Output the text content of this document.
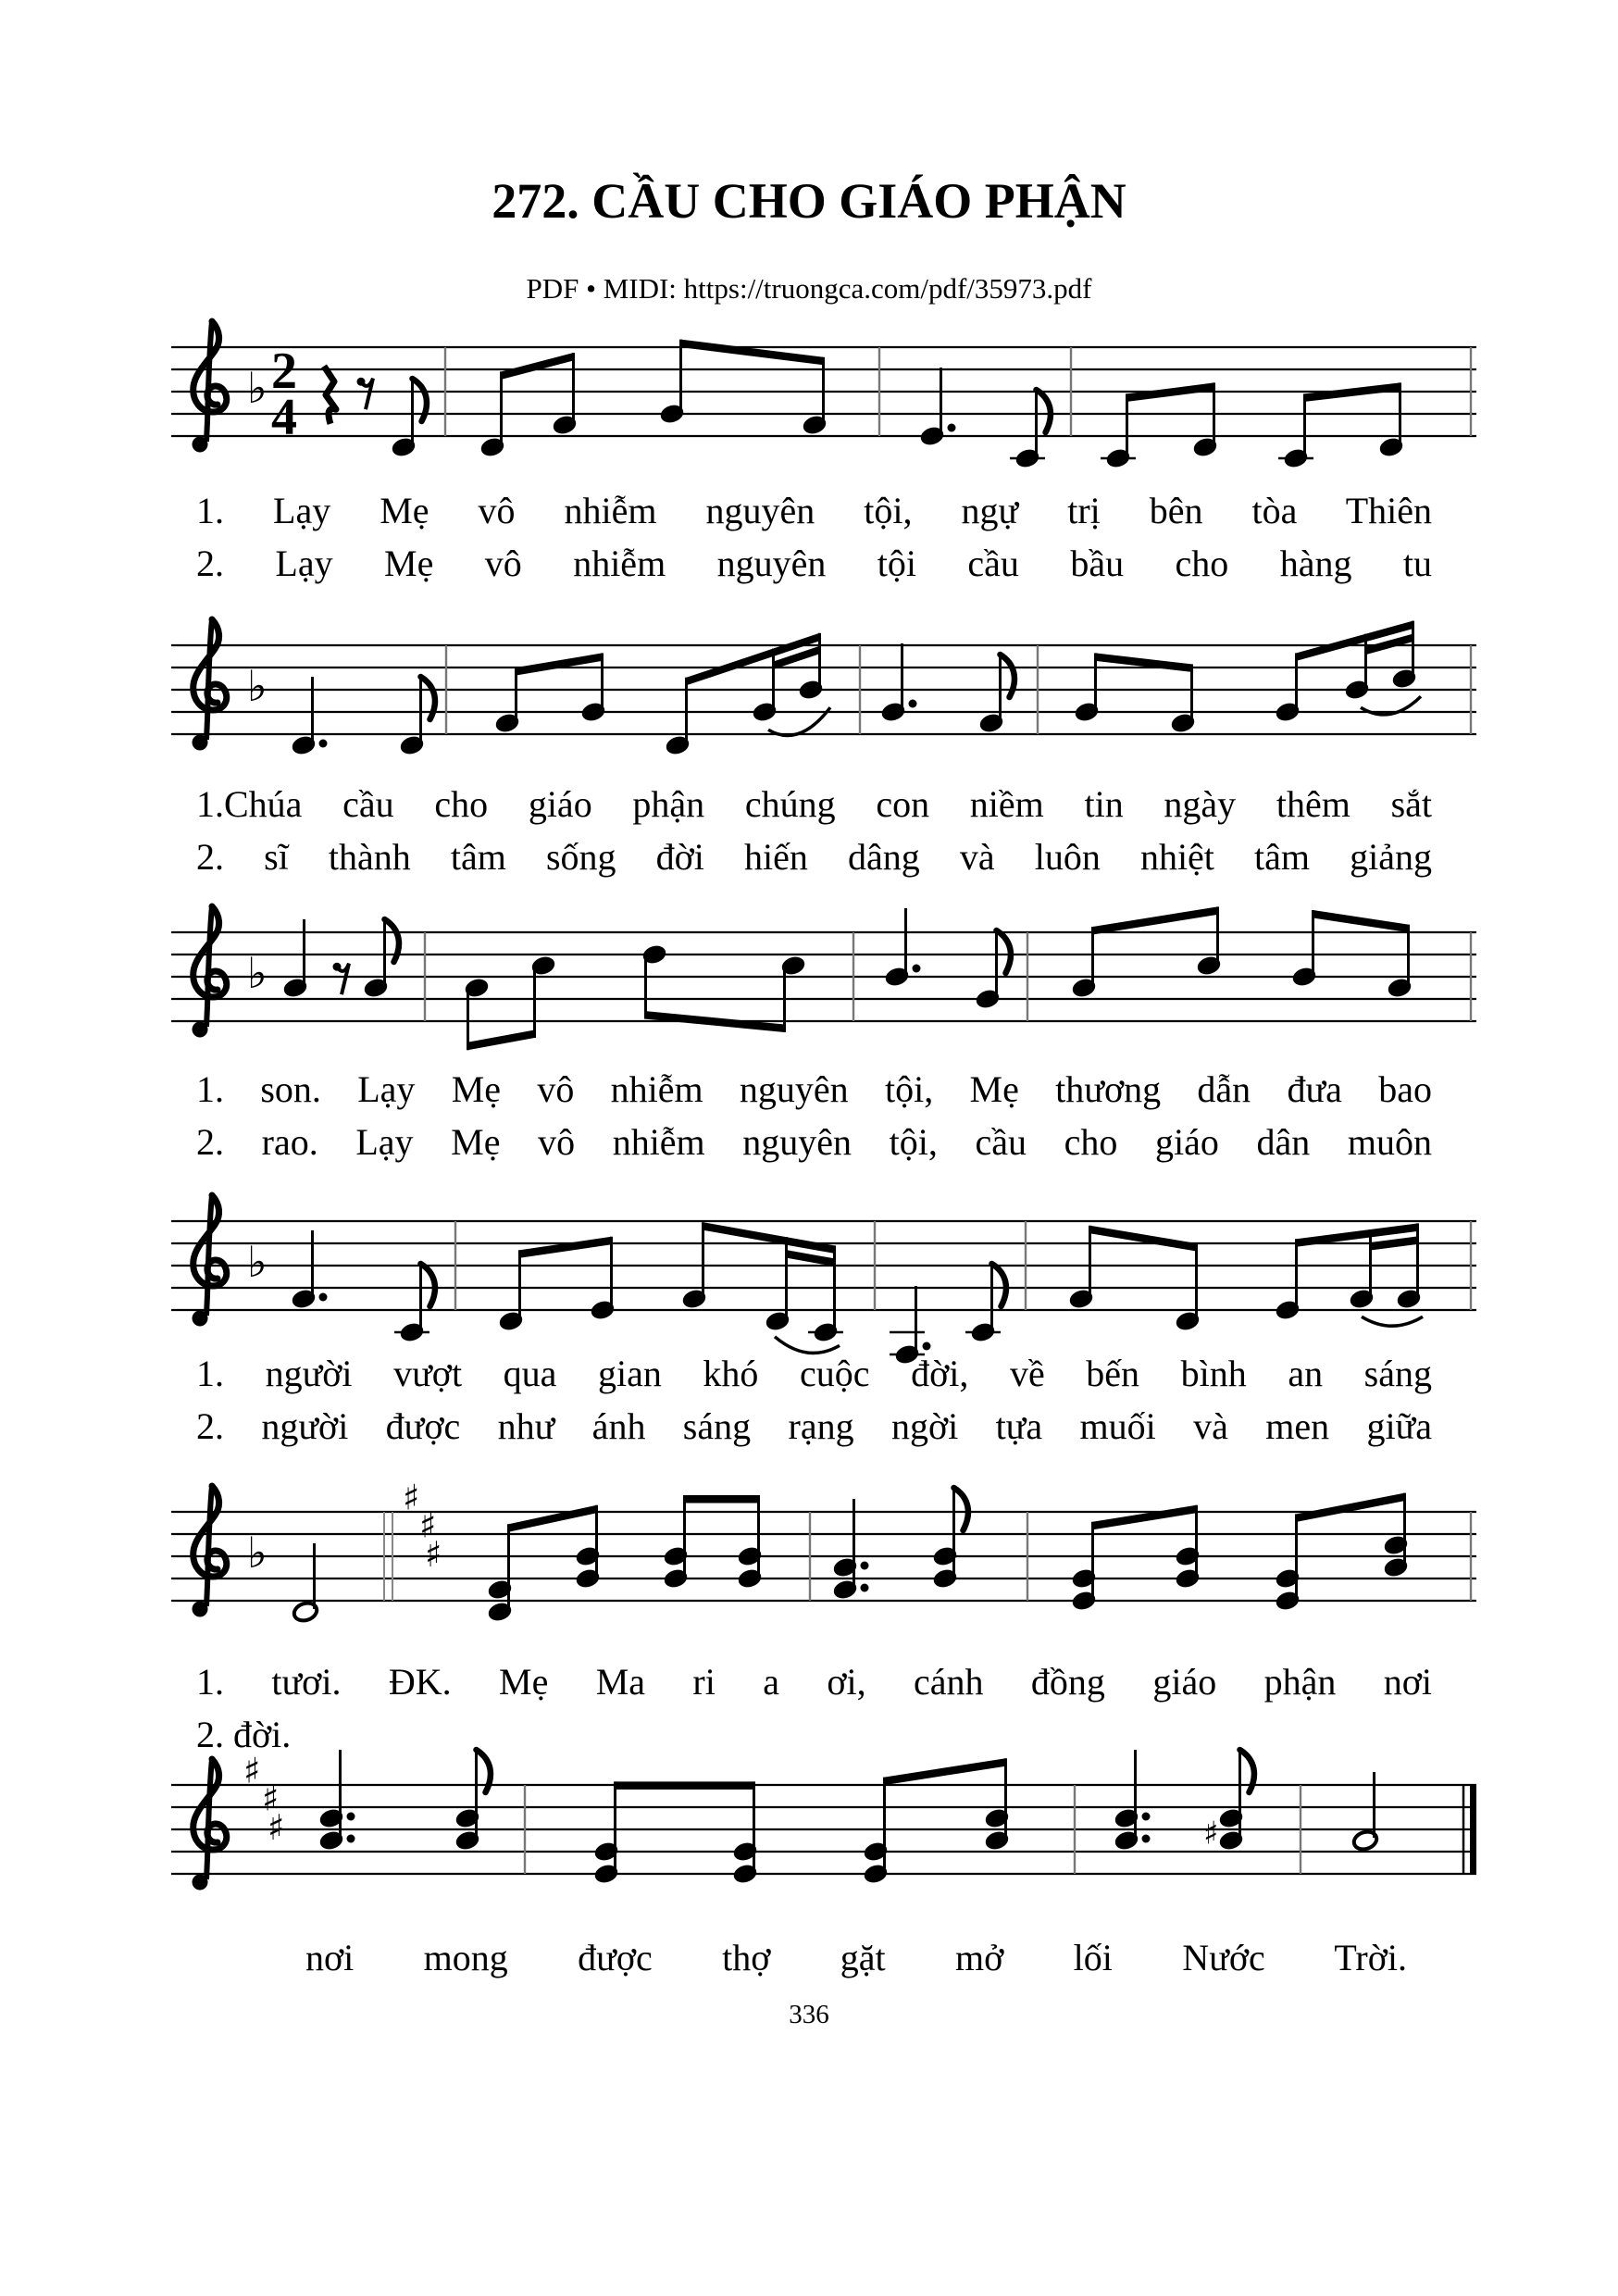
272. CẦU CHO GIÁO PHẬN
PDF • MIDI: https://truongca.com/pdf/35973.pdf
♭ 2
4
1. Lạy Mẹ vô nhiễm nguyên tội, ngự trị bên tòa Thiên
2. Lạy Mẹ vô nhiễm nguyên tội cầu bầu cho hàng tu
♭
1.Chúa cầu cho giáo phận chúng con niềm tin ngày thêm sắt
2. sĩ thành tâm sống đời hiến dâng và luôn nhiệt tâm giảng
♭
1. son. Lạy Mẹ vô nhiễm nguyên tội, Mẹ thương dẫn đưa bao
2. rao. Lạy Mẹ vô nhiễm nguyên tội, cầu cho giáo dân muôn
♭
1. người vượt qua gian khó cuộc đời, về bến bình an sáng
2. người được như ánh sáng rạng ngời tựa muối và men giữa
♭
♯
♯
♯
1. tươi. ĐK. Mẹ Ma ri a ơi, cánh đồng giáo phận nơi
2. đời.
♯
♯
♯	♯
nơi mong được thợ gặt mở lối Nước Trời.
336
